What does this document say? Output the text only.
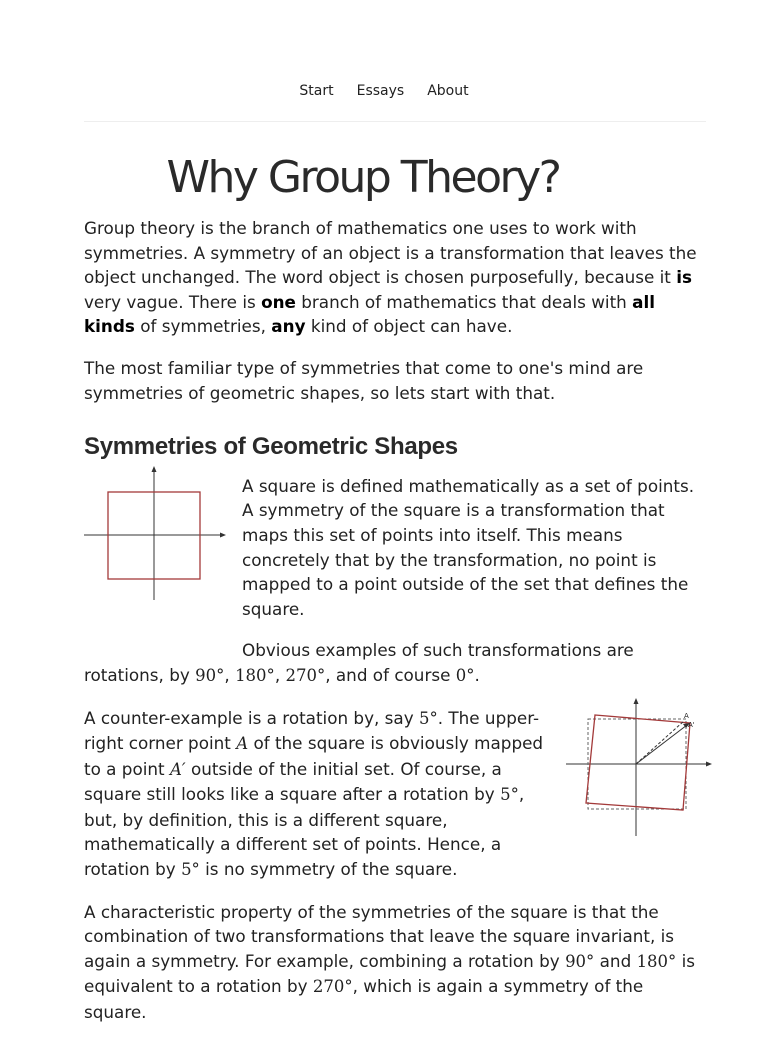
Start Essays About
Why Group Theory?

Group theory is the branch of mathematics one uses to work with symmetries. A symmetry of an object is a transformation that leaves the object unchanged. The word object is chosen purposefully, because it is very vague. There is one branch of mathematics that deals with all kinds of symmetries, any kind of object can have.

The most familiar type of symmetries that come to one's mind are symmetries of geometric shapes, so lets start with that.

Symmetries of Geometric Shapes

A square is defined mathematically as a set of points. A symmetry of the square is a transformation that maps this set of points into itself. This means concretely that by the transformation, no point is mapped to a point outside of the set that defines the square.

Obvious examples of such transformations are rotations, by 90°, 180°, 270°, and of course 0°.

A
A'

A counter-example is a rotation by, say 5°. The upper-right corner point A of the square is obviously mapped to a point A′ outside of the initial set. Of course, a square still looks like a square after a rotation by 5°, but, by definition, this is a different square, mathematically a different set of points. Hence, a rotation by 5° is no symmetry of the square.

A characteristic property of the symmetries of the square is that the combination of two transformations that leave the square invariant, is again a symmetry. For example, combining a rotation by 90° and 180° is equivalent to a rotation by 270°, which is again a symmetry of the square.
